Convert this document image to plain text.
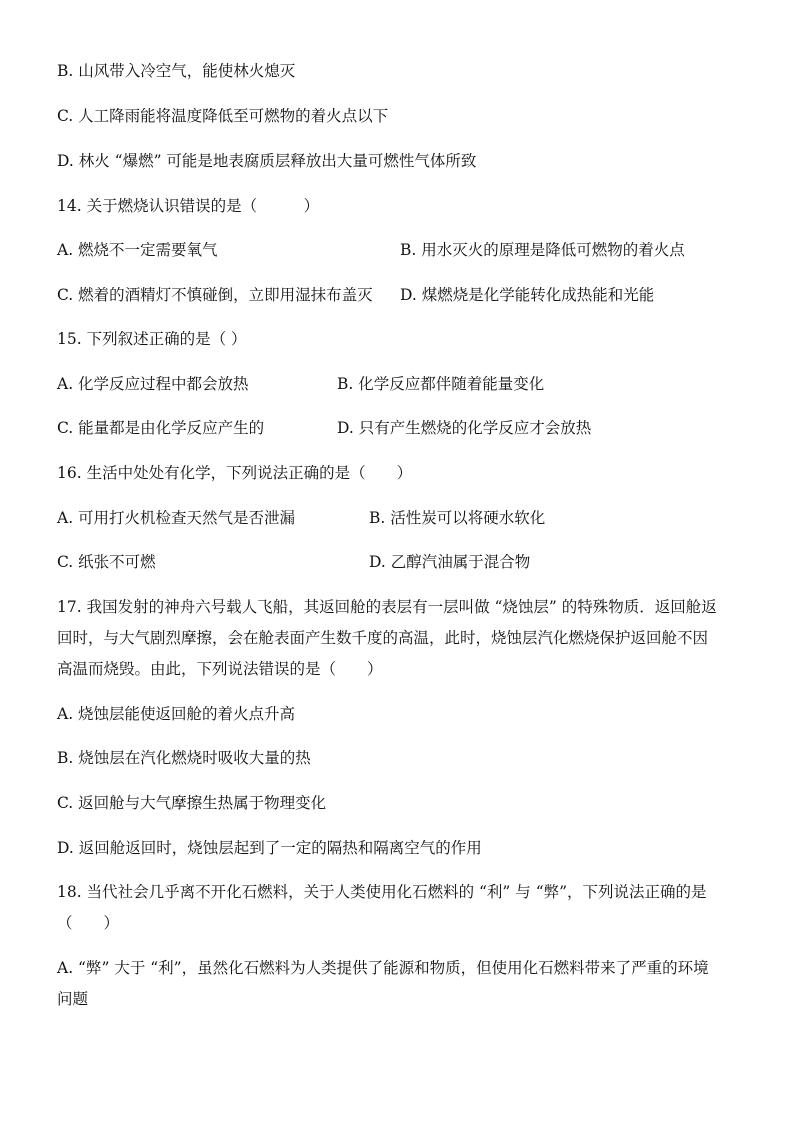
B. 山风带入冷空气，能使林火熄灭
C. 人工降雨能将温度降低至可燃物的着火点以下
D. 林火 “爆燃” 可能是地表腐质层释放出大量可燃性气体所致
14. 关于燃烧认识错误的是（　　　）
A. 燃烧不一定需要氧气	B. 用水灭火的原理是降低可燃物的着火点
C. 燃着的酒精灯不慎碰倒，立即用湿抹布盖灭 D. 煤燃烧是化学能转化成热能和光能
15. 下列叙述正确的是（ ）
A. 化学反应过程中都会放热	B. 化学反应都伴随着能量变化
C. 能量都是由化学反应产生的	D. 只有产生燃烧的化学反应才会放热
16. 生活中处处有化学，下列说法正确的是（　　）
A. 可用打火机检查天然气是否泄漏	B. 活性炭可以将硬水软化
C. 纸张不可燃	D. 乙醇汽油属于混合物
17. 我国发射的神舟六号载人飞船，其返回舱的表层有一层叫做 “烧蚀层” 的特殊物质．返回舱返
回时，与大气剧烈摩擦，会在舱表面产生数千度的高温，此时，烧蚀层汽化燃烧保护返回舱不因
高温而烧毁。由此，下列说法错误的是（　　）
A. 烧蚀层能使返回舱的着火点升高
B. 烧蚀层在汽化燃烧时吸收大量的热
C. 返回舱与大气摩擦生热属于物理变化
D. 返回舱返回时，烧蚀层起到了一定的隔热和隔离空气的作用
18. 当代社会几乎离不开化石燃料，关于人类使用化石燃料的 “利” 与 “弊”，下列说法正确的是
（　　）
A. “弊” 大于 “利”，虽然化石燃料为人类提供了能源和物质，但使用化石燃料带来了严重的环境
问题
